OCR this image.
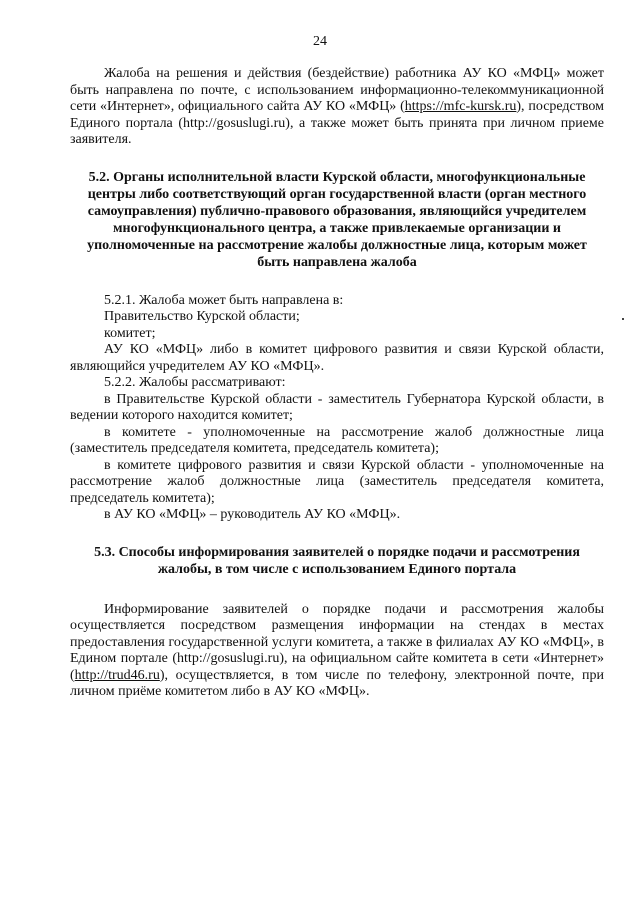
24

Жалоба на решения и действия (бездействие) работника АУ КО «МФЦ» может быть направлена по почте, с использованием информационно-телекоммуникационной сети «Интернет», официального сайта АУ КО «МФЦ» (https://mfc-kursk.ru), посредством Единого портала (http://gosuslugi.ru), а также может быть принята при личном приеме заявителя.

5.2. Органы исполнительной власти Курской области, многофункциональные центры либо соответствующий орган государственной власти (орган местного самоуправления) публично-правового образования, являющийся учредителем многофункционального центра, а также привлекаемые организации и уполномоченные на рассмотрение жалобы должностные лица, которым может быть направлена жалоба

5.2.1. Жалоба может быть направлена в:

Правительство Курской области;

комитет;

АУ КО «МФЦ» либо в комитет цифрового развития и связи Курской области, являющийся учредителем АУ КО «МФЦ».

5.2.2. Жалобы рассматривают:

в Правительстве Курской области - заместитель Губернатора Курской области, в ведении которого находится комитет;

в комитете - уполномоченные на рассмотрение жалоб должностные лица (заместитель председателя комитета, председатель комитета);

в комитете цифрового развития и связи Курской области - уполномоченные на рассмотрение жалоб должностные лица (заместитель председателя комитета, председатель комитета);

в АУ КО «МФЦ» – руководитель АУ КО «МФЦ».

5.3. Способы информирования заявителей о порядке подачи и рассмотрения жалобы, в том числе с использованием Единого портала

Информирование заявителей о порядке подачи и рассмотрения жалобы осуществляется посредством размещения информации на стендах в местах предоставления государственной услуги комитета, а также в филиалах АУ КО «МФЦ», в Едином портале (http://gosuslugi.ru), на официальном сайте комитета в сети «Интернет» (http://trud46.ru), осуществляется, в том числе по телефону, электронной почте, при личном приёме комитетом либо в АУ КО «МФЦ».
